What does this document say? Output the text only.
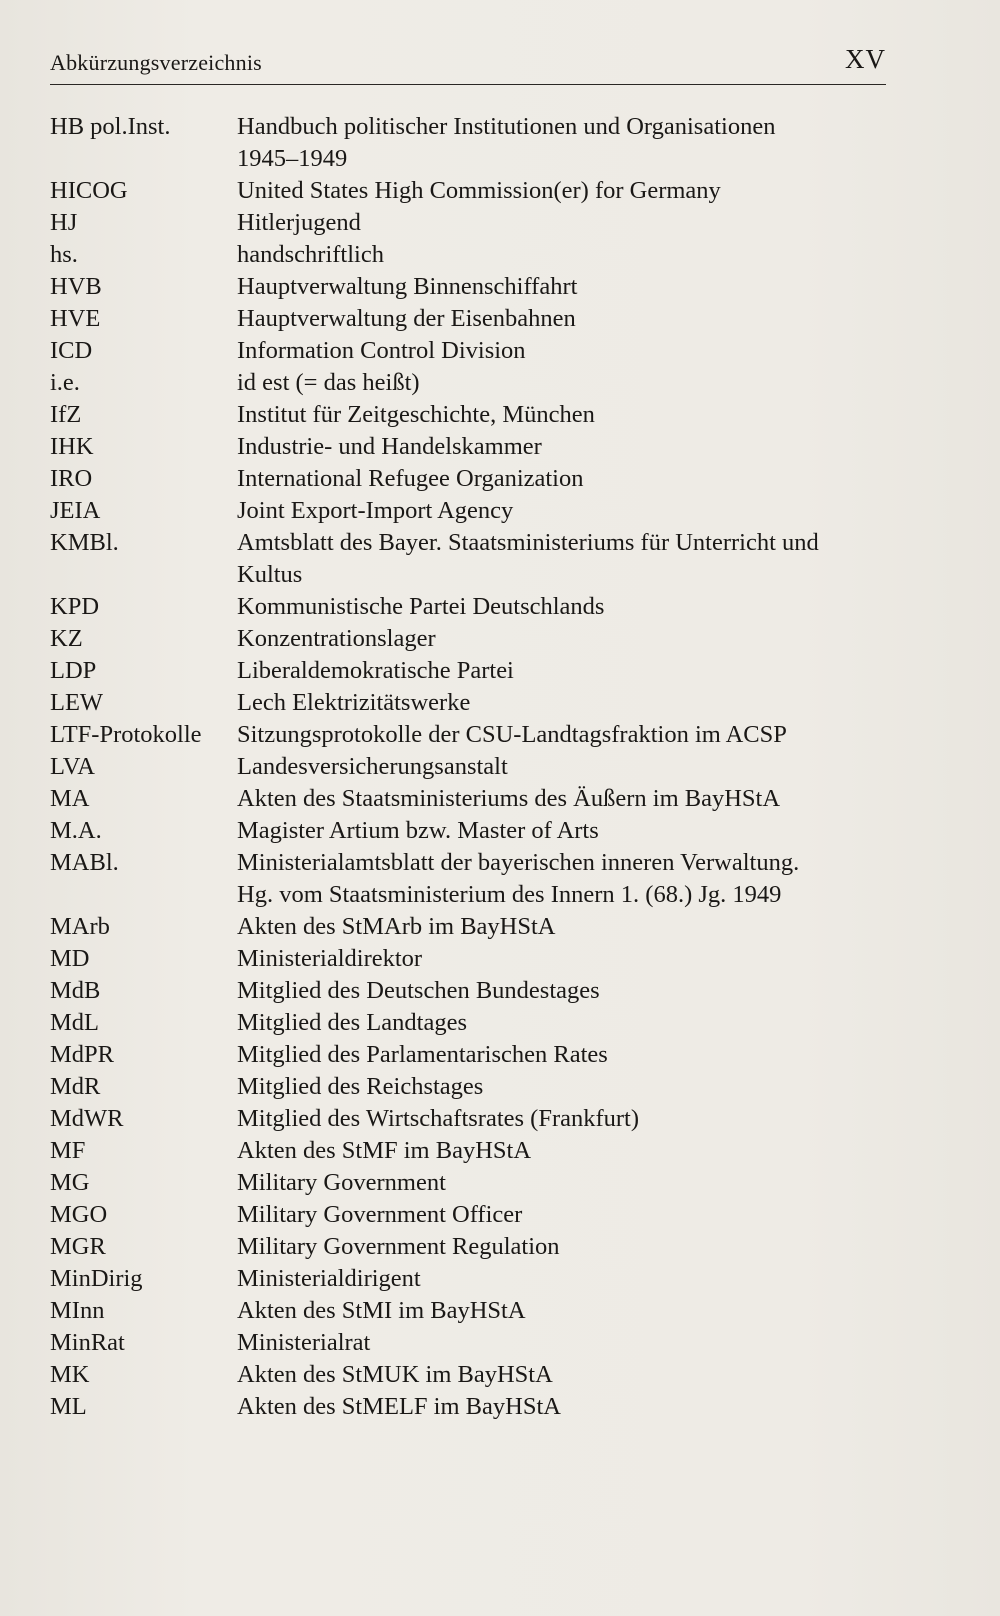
Abkürzungsverzeichnis	XV
HB pol.Inst.	Handbuch politischer Institutionen und Organisationen
1945–1949
HICOG	United States High Commission(er) for Germany
HJ	Hitlerjugend
hs.	handschriftlich
HVB	Hauptverwaltung Binnenschiffahrt
HVE	Hauptverwaltung der Eisenbahnen
ICD	Information Control Division
i.e.	id est (= das heißt)
IfZ	Institut für Zeitgeschichte, München
IHK	Industrie- und Handelskammer
IRO	International Refugee Organization
JEIA	Joint Export-Import Agency
KMBl.	Amtsblatt des Bayer. Staatsministeriums für Unterricht und
Kultus
KPD	Kommunistische Partei Deutschlands
KZ	Konzentrationslager
LDP	Liberaldemokratische Partei
LEW	Lech Elektrizitätswerke
LTF-Protokolle	Sitzungsprotokolle der CSU-Landtagsfraktion im ACSP
LVA	Landesversicherungsanstalt
MA	Akten des Staatsministeriums des Äußern im BayHStA
M.A.	Magister Artium bzw. Master of Arts
MABl.	Ministerialamtsblatt der bayerischen inneren Verwaltung.
Hg. vom Staatsministerium des Innern 1. (68.) Jg. 1949
MArb	Akten des StMArb im BayHStA
MD	Ministerialdirektor
MdB	Mitglied des Deutschen Bundestages
MdL	Mitglied des Landtages
MdPR	Mitglied des Parlamentarischen Rates
MdR	Mitglied des Reichstages
MdWR	Mitglied des Wirtschaftsrates (Frankfurt)
MF	Akten des StMF im BayHStA
MG	Military Government
MGO	Military Government Officer
MGR	Military Government Regulation
MinDirig	Ministerialdirigent
MInn	Akten des StMI im BayHStA
MinRat	Ministerialrat
MK	Akten des StMUK im BayHStA
ML	Akten des StMELF im BayHStA
